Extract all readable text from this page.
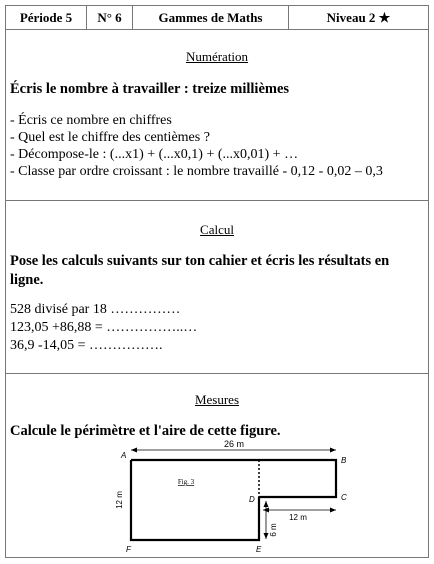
Période 5	N° 6	Gammes de Maths	Niveau 2 ★
Numération
Écris le nombre à travailler : treize millièmes
- Écris ce nombre en chiffres
- Quel est le chiffre des centièmes ?
- Décompose-le : (...x1) + (...x0,1) + (...x0,01) + …
- Classe par ordre croissant : le nombre travaillé - 0,12 - 0,02 – 0,3
Calcul
Pose les calculs suivants sur ton cahier et écris les résultats en ligne.
528 divisé par 18 ……………
123,05 +86,88 = ……………..…
36,9 -14,05 = …………….
Mesures
Calcule le périmètre et l'aire de cette figure.
26 m
Fig. 3
A
B
C
D
E
F
12 m
12 m
6 m
